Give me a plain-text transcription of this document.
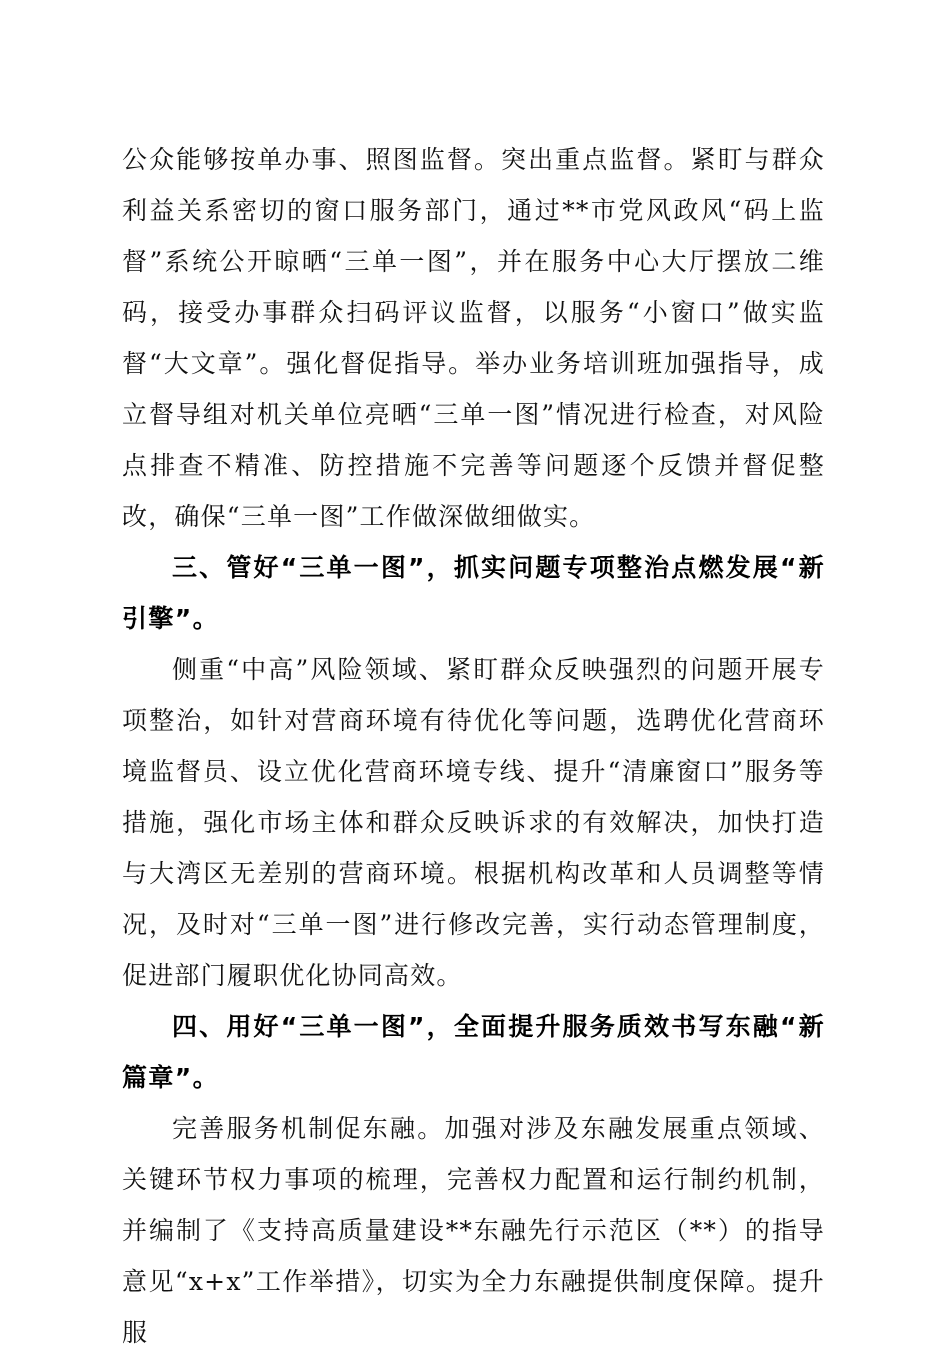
公众能够按单办事、照图监督。突出重点监督。紧盯与群众利益关系密切的窗口服务部门，通过**市党风政风“码上监督”系统公开晾晒“三单一图”，并在服务中心大厅摆放二维码，接受办事群众扫码评议监督，以服务“小窗口”做实监督“大文章”。强化督促指导。举办业务培训班加强指导，成立督导组对机关单位亮晒“三单一图”情况进行检查，对风险点排查不精准、防控措施不完善等问题逐个反馈并督促整改，确保“三单一图”工作做深做细做实。

三、管好“三单一图”，抓实问题专项整治点燃发展“新引擎”。

侧重“中高”风险领域、紧盯群众反映强烈的问题开展专项整治，如针对营商环境有待优化等问题，选聘优化营商环境监督员、设立优化营商环境专线、提升“清廉窗口”服务等措施，强化市场主体和群众反映诉求的有效解决，加快打造与大湾区无差别的营商环境。根据机构改革和人员调整等情况，及时对“三单一图”进行修改完善，实行动态管理制度，促进部门履职优化协同高效。

四、用好“三单一图”，全面提升服务质效书写东融“新篇章”。

完善服务机制促东融。加强对涉及东融发展重点领域、关键环节权力事项的梳理，完善权力配置和运行制约机制，并编制了《支持高质量建设**东融先行示范区（**）的指导意见“x+x”工作举措》，切实为全力东融提供制度保障。提升服
